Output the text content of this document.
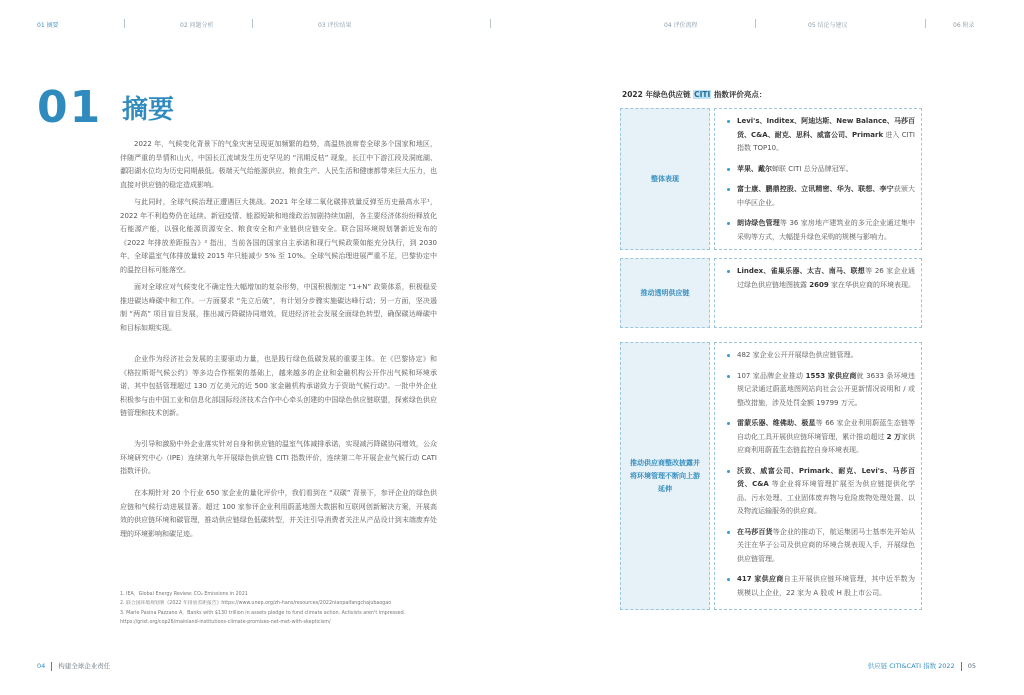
01 摘要	02 问题分析	03 评价结果	04 评价流程	05 结论与建议	06 附录
01 摘要
2022 年，气候变化背景下的气象灾害呈现更加频繁的趋势，高温热浪席卷全球多个国家和地区，伴随严重的旱情和山火，中国长江流域发生历史罕见的 “汛期反枯” 现象，长江中下游江段及洞庭湖、鄱阳湖水位均为历史同期最低。极端天气给能源供应、粮食生产、人民生活和健康都带来巨大压力，也直接对供应链的稳定造成影响。
与此同时，全球气候治理正遭遇巨大挑战。2021 年全球二氧化碳排放量反弹至历史最高水平¹，2022 年不利趋势仍在延续。新冠疫情、能源短缺和地缘政治加剧持续加剧，各主要经济体纷纷释放化石能源产能，以强化能源资源安全、粮食安全和产业链供应链安全。联合国环境规划署新近发布的《2022 年排放差距报告》² 指出，当前各国的国家自主承诺和现行气候政策如能充分执行，到 2030 年，全球温室气体排放量较 2015 年只能减少 5% 至 10%。全球气候治理进展严重不足，巴黎协定中的温控目标可能落空。
面对全球应对气候变化不确定性大幅增加的复杂形势，中国积极制定 “1+N” 政策体系，积极稳妥推进碳达峰碳中和工作。一方面要求 “先立后破”，有计划分步骤实施碳达峰行动；另一方面，坚决遏制 “两高” 项目盲目发展，推出减污降碳协同增效，促进经济社会发展全面绿色转型，确保碳达峰碳中和目标如期实现。
企业作为经济社会发展的主要驱动力量，也是践行绿色低碳发展的重要主体。在《巴黎协定》和《格拉斯哥气候公约》等多边合作框架的基础上，越来越多的企业和金融机构公开作出气候和环境承诺，其中包括管理超过 130 万亿美元的近 500 家金融机构承诺致力于资助气候行动³。一批中外企业积极参与由中国工业和信息化部国际经济技术合作中心牵头创建的中国绿色供应链联盟，探索绿色供应链管理和技术创新。
为引导和激励中外企业落实针对自身和供应链的温室气体减排承诺，实现减污降碳协同增效，公众环境研究中心（IPE）连续第九年开展绿色供应链 CITI 指数评价，连续第二年开展企业气候行动 CATI 指数评价。
在本期针对 20 个行业 650 家企业的量化评价中，我们看到在 “双碳” 背景下，参评企业的绿色供应链和气候行动进展显著。超过 100 家参评企业利用蔚蓝地图大数据和互联网创新解决方案，开展高效的供应链环境和碳管理，推动供应链绿色低碳转型，并关注引导消费者关注从产品设计到末端废弃处理的环境影响和碳足迹。
1. IEA，Global Energy Review: CO₂ Emissions in 2021
2. 联合国环境规划署《2022 年排放差距报告》https://www.unep.org/zh-hans/resources/2022nianpaifangchajubaogao
3. Marie Pasina Pazzano A，Banks with $130 trillion in assets pledge to fund climate action. Activists aren't impressed.
https://grist.org/cop26/mainland-institutions-climate-promises-net-met-with-skepticism/
2022 年绿色供应链 CITI 指数评价亮点：
整体表现
Levi's、Inditex、阿迪达斯、New Balance、马莎百货、C&A、耐克、思科、威富公司、Primark 进入 CITI 指数 TOP10。
苹果、戴尔蝉联 CITI 总分品牌冠军。
富士康、鹏鼎控股、立讯精密、华为、联想、李宁获颁大中华区企业。
朗诗绿色管理等 36 家房地产建筑业的多元企业通过集中采购等方式，大幅提升绿色采购的规模与影响力。
推动透明供应链
Lindex、雀巢乐器、太吉、南马、联想等 26 家企业通过绿色供应链地图披露 2609 家在华供应商的环境表现。
推动供应商整改披露并将环境管理不断向上游延伸
482 家企业公开开展绿色供应链管理。
107 家品牌企业推动 1553 家供应商就 3633 条环境违规记录通过蔚蓝地图网站向社会公开更新情况说明和 / 或整改措施，涉及处罚金额 19799 万元。
雷蒙乐器、维佛助、极星等 66 家企业利用蔚蓝生态链等自动化工具开展供应链环境管理，累计推动超过 2 万家供应商利用蔚蓝生态链监控自身环境表现。
沃致、威富公司、Primark、耐克、Levi's、马莎百货、C&A 等企业将环境管理扩展至为供应链提供化学品、污水处理、工业固体废弃物与危险废物处理处置、以及物流运输服务的供应商。
在马莎百货等企业的推动下，航运集团马士基率先开始从关注在华子公司及供应商的环境合规表现入手，开展绿色供应链管理。
417 家供应商自主开展供应链环境管理，其中近半数为规模以上企业，22 家为 A 股或 H 股上市公司。
04 构建全球企业责任	供应链 CITI&CATI 指数 2022 05
